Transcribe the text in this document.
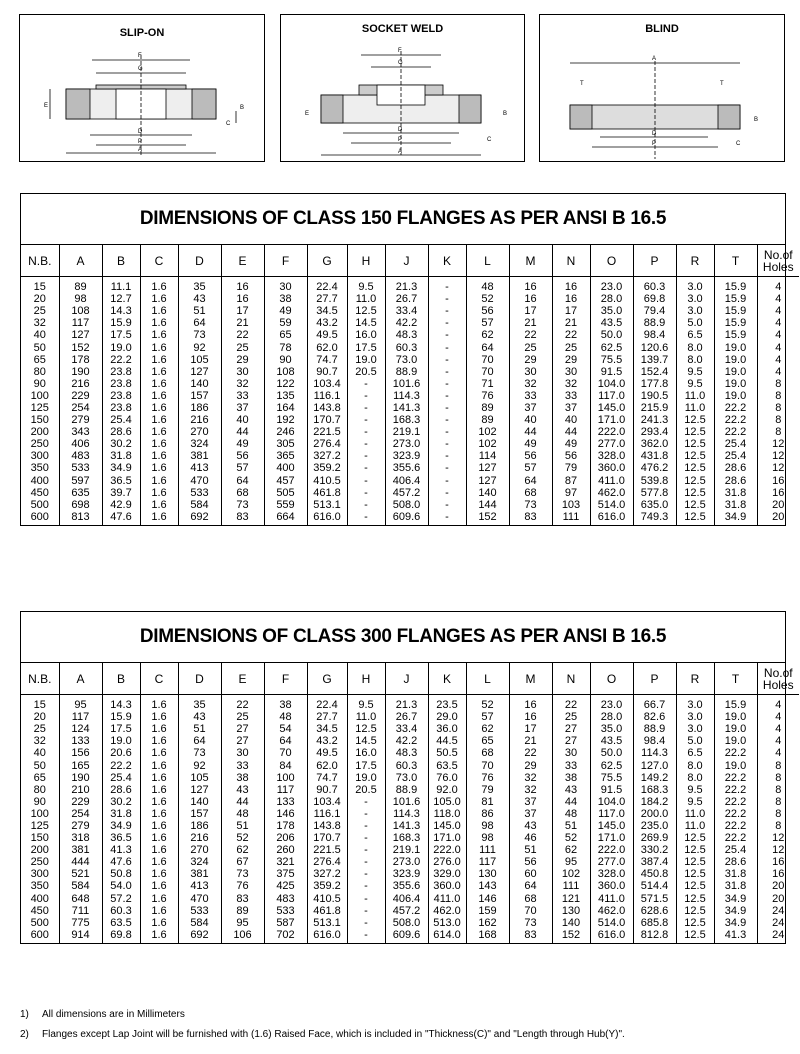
SLIP-ON
F
G
D
P
A
E	B
C
SOCKET WELD
F
G
D
P
A
E	B
C
BLIND
A
D
P
T	T
B
C
DIMENSIONS OF CLASS 150 FLANGES AS PER ANSI B 16.5
N.B.	A	B	C	D	E	F	G	H	J	K	L	M	N	O	P	R	T	No.of Holes
15	89	11.1	1.6	35	16	30	22.4	9.5	21.3	-	48	16	16	23.0	60.3	3.0	15.9	4
20	98	12.7	1.6	43	16	38	27.7	11.0	26.7	-	52	16	16	28.0	69.8	3.0	15.9	4
25	108	14.3	1.6	51	17	49	34.5	12.5	33.4	-	56	17	17	35.0	79.4	3.0	15.9	4
32	117	15.9	1.6	64	21	59	43.2	14.5	42.2	-	57	21	21	43.5	88.9	5.0	15.9	4
40	127	17.5	1.6	73	22	65	49.5	16.0	48.3	-	62	22	22	50.0	98.4	6.5	15.9	4
50	152	19.0	1.6	92	25	78	62.0	17.5	60.3	-	64	25	25	62.5	120.6	8.0	19.0	4
65	178	22.2	1.6	105	29	90	74.7	19.0	73.0	-	70	29	29	75.5	139.7	8.0	19.0	4
80	190	23.8	1.6	127	30	108	90.7	20.5	88.9	-	70	30	30	91.5	152.4	9.5	19.0	4
90	216	23.8	1.6	140	32	122	103.4	-	101.6	-	71	32	32	104.0	177.8	9.5	19.0	8
100	229	23.8	1.6	157	33	135	116.1	-	114.3	-	76	33	33	117.0	190.5	11.0	19.0	8
125	254	23.8	1.6	186	37	164	143.8	-	141.3	-	89	37	37	145.0	215.9	11.0	22.2	8
150	279	25.4	1.6	216	40	192	170.7	-	168.3	-	89	40	40	171.0	241.3	12.5	22.2	8
200	343	28.6	1.6	270	44	246	221.5	-	219.1	-	102	44	44	222.0	293.4	12.5	22.2	8
250	406	30.2	1.6	324	49	305	276.4	-	273.0	-	102	49	49	277.0	362.0	12.5	25.4	12
300	483	31.8	1.6	381	56	365	327.2	-	323.9	-	114	56	56	328.0	431.8	12.5	25.4	12
350	533	34.9	1.6	413	57	400	359.2	-	355.6	-	127	57	79	360.0	476.2	12.5	28.6	12
400	597	36.5	1.6	470	64	457	410.5	-	406.4	-	127	64	87	411.0	539.8	12.5	28.6	16
450	635	39.7	1.6	533	68	505	461.8	-	457.2	-	140	68	97	462.0	577.8	12.5	31.8	16
500	698	42.9	1.6	584	73	559	513.1	-	508.0	-	144	73	103	514.0	635.0	12.5	31.8	20
600	813	47.6	1.6	692	83	664	616.0	-	609.6	-	152	83	111	616.0	749.3	12.5	34.9	20
DIMENSIONS OF CLASS 300 FLANGES AS PER ANSI B 16.5
N.B.	A	B	C	D	E	F	G	H	J	K	L	M	N	O	P	R	T	No.of Holes
15	95	14.3	1.6	35	22	38	22.4	9.5	21.3	23.5	52	16	22	23.0	66.7	3.0	15.9	4
20	117	15.9	1.6	43	25	48	27.7	11.0	26.7	29.0	57	16	25	28.0	82.6	3.0	19.0	4
25	124	17.5	1.6	51	27	54	34.5	12.5	33.4	36.0	62	17	27	35.0	88.9	3.0	19.0	4
32	133	19.0	1.6	64	27	64	43.2	14.5	42.2	44.5	65	21	27	43.5	98.4	5.0	19.0	4
40	156	20.6	1.6	73	30	70	49.5	16.0	48.3	50.5	68	22	30	50.0	114.3	6.5	22.2	4
50	165	22.2	1.6	92	33	84	62.0	17.5	60.3	63.5	70	29	33	62.5	127.0	8.0	19.0	8
65	190	25.4	1.6	105	38	100	74.7	19.0	73.0	76.0	76	32	38	75.5	149.2	8.0	22.2	8
80	210	28.6	1.6	127	43	117	90.7	20.5	88.9	92.0	79	32	43	91.5	168.3	9.5	22.2	8
90	229	30.2	1.6	140	44	133	103.4	-	101.6	105.0	81	37	44	104.0	184.2	9.5	22.2	8
100	254	31.8	1.6	157	48	146	116.1	-	114.3	118.0	86	37	48	117.0	200.0	11.0	22.2	8
125	279	34.9	1.6	186	51	178	143.8	-	141.3	145.0	98	43	51	145.0	235.0	11.0	22.2	8
150	318	36.5	1.6	216	52	206	170.7	-	168.3	171.0	98	46	52	171.0	269.9	12.5	22.2	12
200	381	41.3	1.6	270	62	260	221.5	-	219.1	222.0	111	51	62	222.0	330.2	12.5	25.4	12
250	444	47.6	1.6	324	67	321	276.4	-	273.0	276.0	117	56	95	277.0	387.4	12.5	28.6	16
300	521	50.8	1.6	381	73	375	327.2	-	323.9	329.0	130	60	102	328.0	450.8	12.5	31.8	16
350	584	54.0	1.6	413	76	425	359.2	-	355.6	360.0	143	64	111	360.0	514.4	12.5	31.8	20
400	648	57.2	1.6	470	83	483	410.5	-	406.4	411.0	146	68	121	411.0	571.5	12.5	34.9	20
450	711	60.3	1.6	533	89	533	461.8	-	457.2	462.0	159	70	130	462.0	628.6	12.5	34.9	24
500	775	63.5	1.6	584	95	587	513.1	-	508.0	513.0	162	73	140	514.0	685.8	12.5	34.9	24
600	914	69.8	1.6	692	106	702	616.0	-	609.6	614.0	168	83	152	616.0	812.8	12.5	41.3	24
1) All dimensions are in Millimeters
2) Flanges except Lap Joint will be furnished with (1.6) Raised Face, which is included in "Thickness(C)" and "Length through Hub(Y)".
